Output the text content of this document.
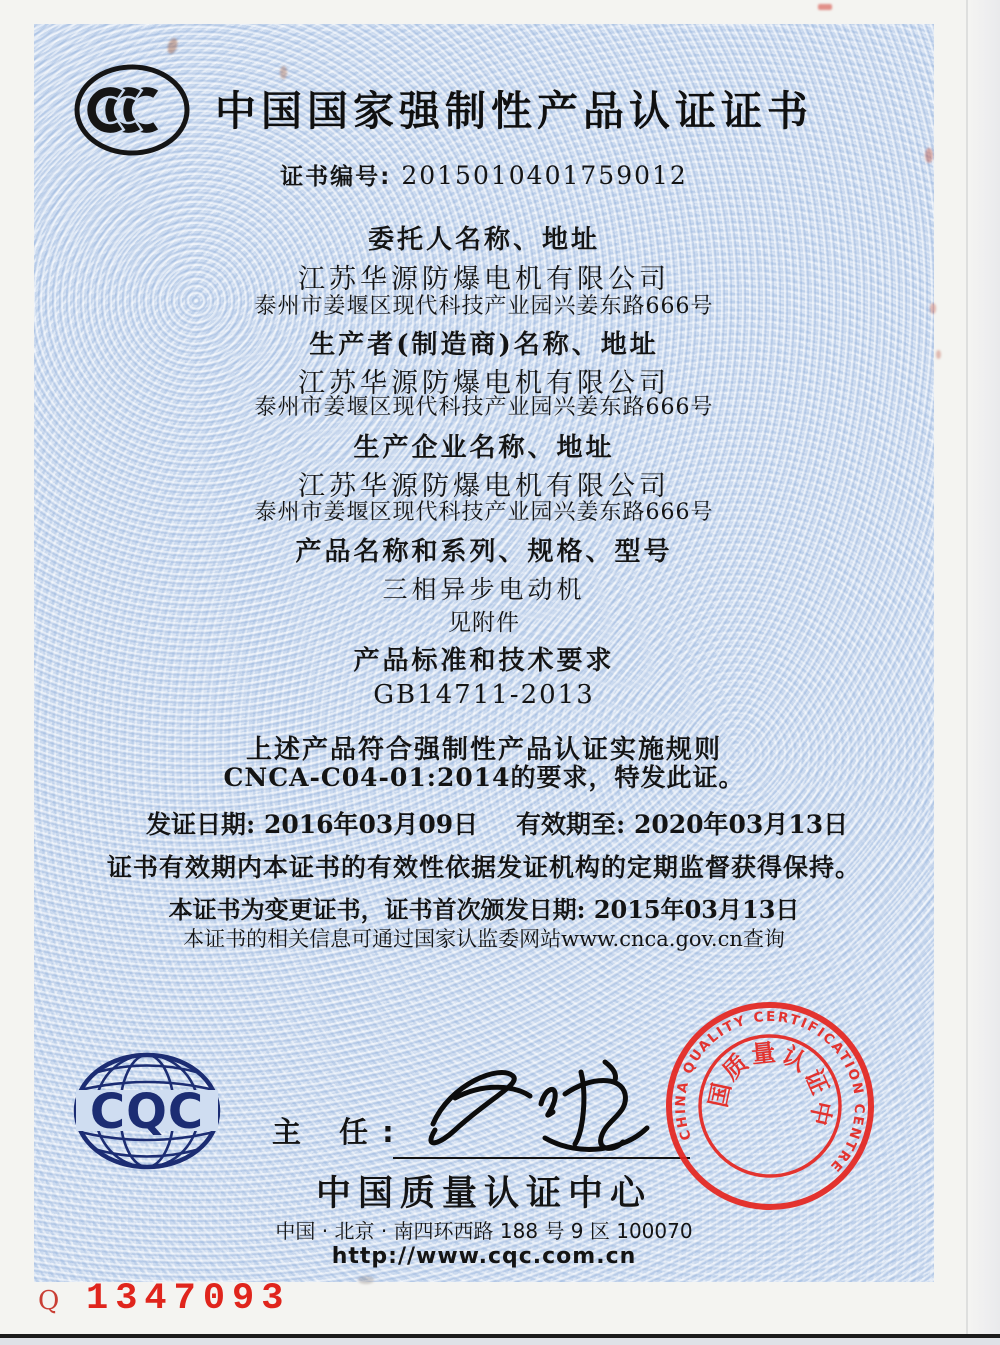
中国国家强制性产品认证证书
证书编号: 2015010401759012
委托人名称、地址
江苏华源防爆电机有限公司
泰州市姜堰区现代科技产业园兴姜东路666号
生产者(制造商)名称、地址
江苏华源防爆电机有限公司
泰州市姜堰区现代科技产业园兴姜东路666号
生产企业名称、地址
江苏华源防爆电机有限公司
泰州市姜堰区现代科技产业园兴姜东路666号
产品名称和系列、规格、型号
三相异步电动机
见附件
产品标准和技术要求
GB14711-2013
上述产品符合强制性产品认证实施规则
CNCA-C04-01:2014的要求，特发此证。
发证日期: 2016年03月09日 有效期至: 2020年03月13日
证书有效期内本证书的有效性依据发证机构的定期监督获得保持。
本证书为变更证书，证书首次颁发日期: 2015年03月13日
本证书的相关信息可通过国家认监委网站www.cnca.gov.cn查询
CQC 主 任:
中国质量认证中心
中国 · 北京 · 南四环西路 188 号 9 区 100070
http://www.cqc.com.cn
CHINA QUALITY CERTIFICATION CENTRE
中国质量认证中心
Q 1347093
